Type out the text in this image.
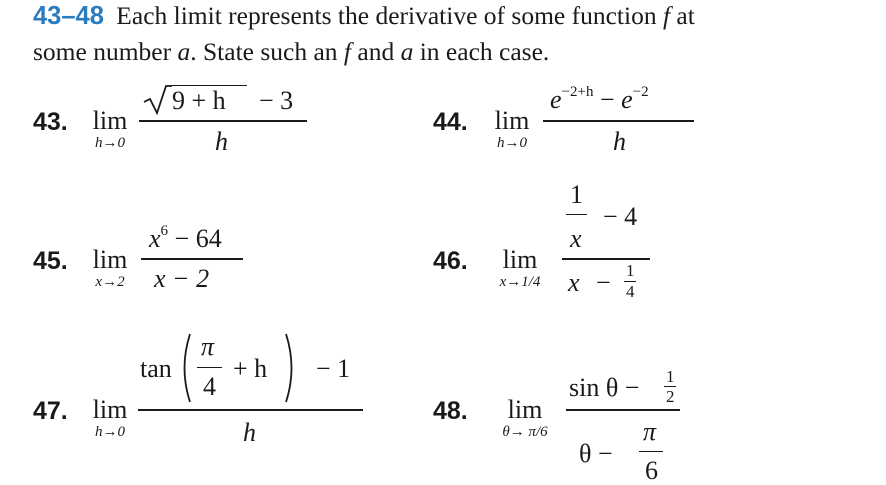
43–48 Each limit represents the derivative of some function f at
some number a. State such an f and a in each case.
43. lim
h→0
9 + h − 3
h
44. lim
h→0
$e^{-2+h} - e^{-2}$
h
45. lim
x→2
$x^6 - 64$
x − 2
46.	lim
x→1/4
1
x
− 4
x − 1
4
47. lim
h→0
tan
π
4
+ h − 1
h
48.	lim
θ→ π/6
sin θ − 1
2
θ −
π
6
